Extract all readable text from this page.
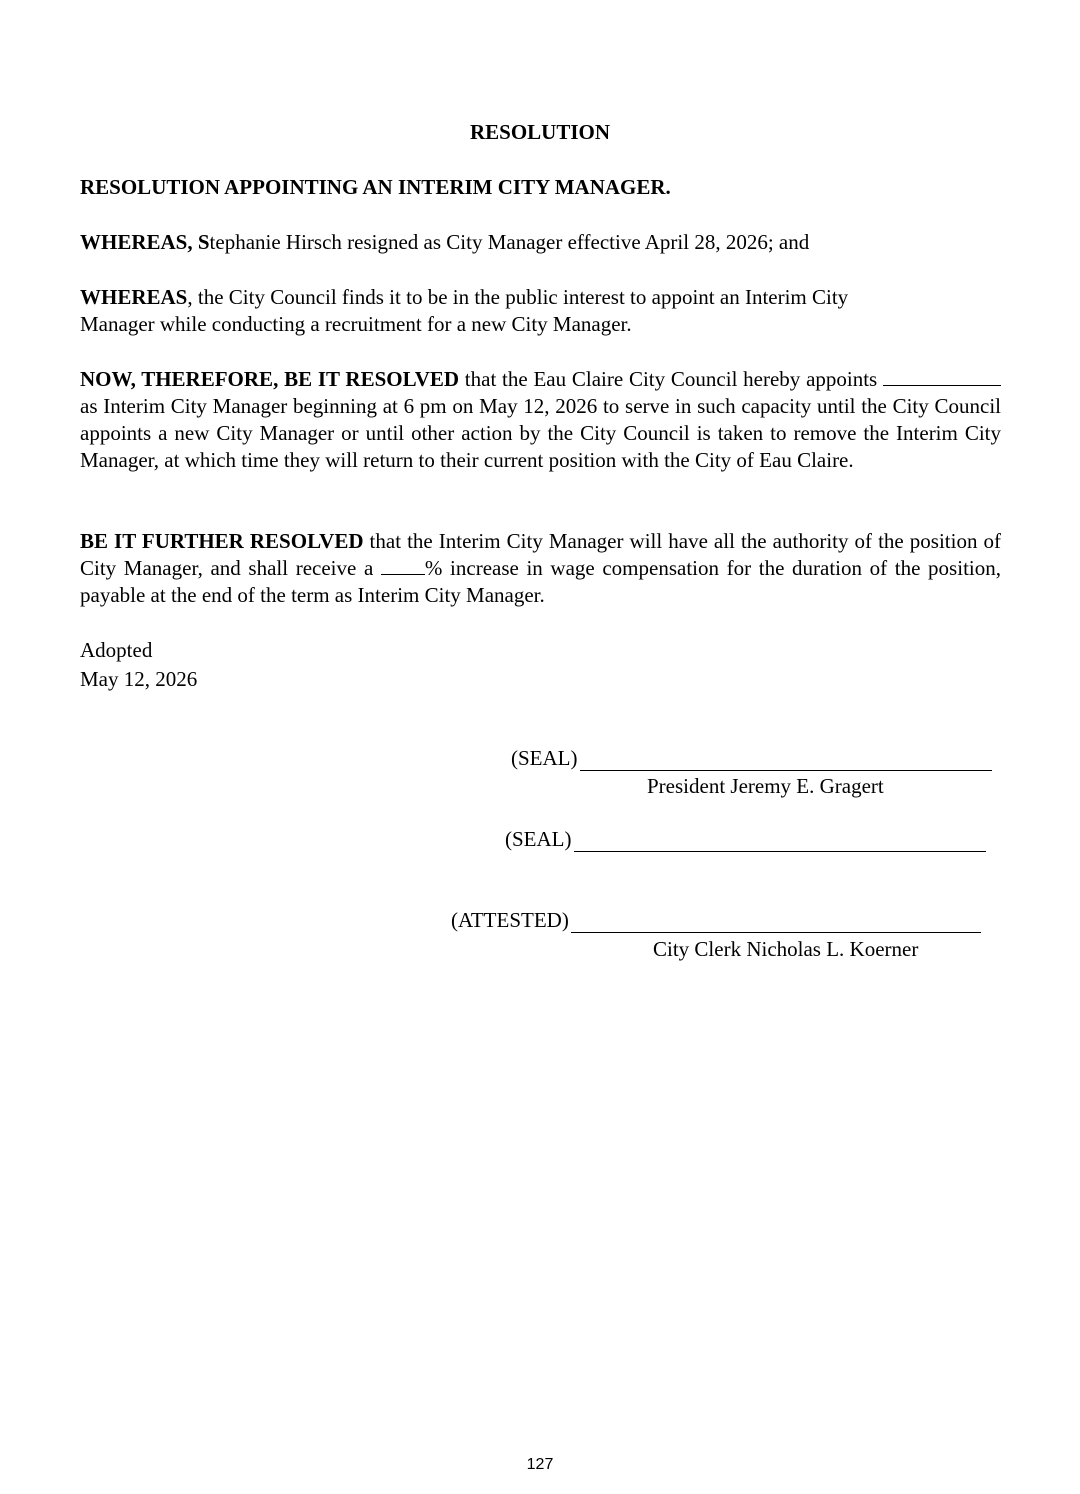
RESOLUTION
RESOLUTION APPOINTING AN INTERIM CITY MANAGER.
WHEREAS, Stephanie Hirsch resigned as City Manager effective April 28, 2026; and
WHEREAS, the City Council finds it to be in the public interest to appoint an Interim City
Manager while conducting a recruitment for a new City Manager.
NOW, THEREFORE, BE IT RESOLVED that the Eau Claire City Council hereby appoints  as Interim City Manager beginning at 6 pm on May 12, 2026 to serve in such capacity until the City Council appoints a new City Manager or until other action by the City Council is taken to remove the Interim City Manager, at which time they will return to their current position with the City of Eau Claire.
BE IT FURTHER RESOLVED that the Interim City Manager will have all the authority of the position of City Manager, and shall receive a % increase in wage compensation for the duration of the position, payable at the end of the term as Interim City Manager.
Adopted
May 12, 2026
(SEAL)
President Jeremy E. Gragert
(SEAL)
(ATTESTED)
City Clerk Nicholas L. Koerner
127
